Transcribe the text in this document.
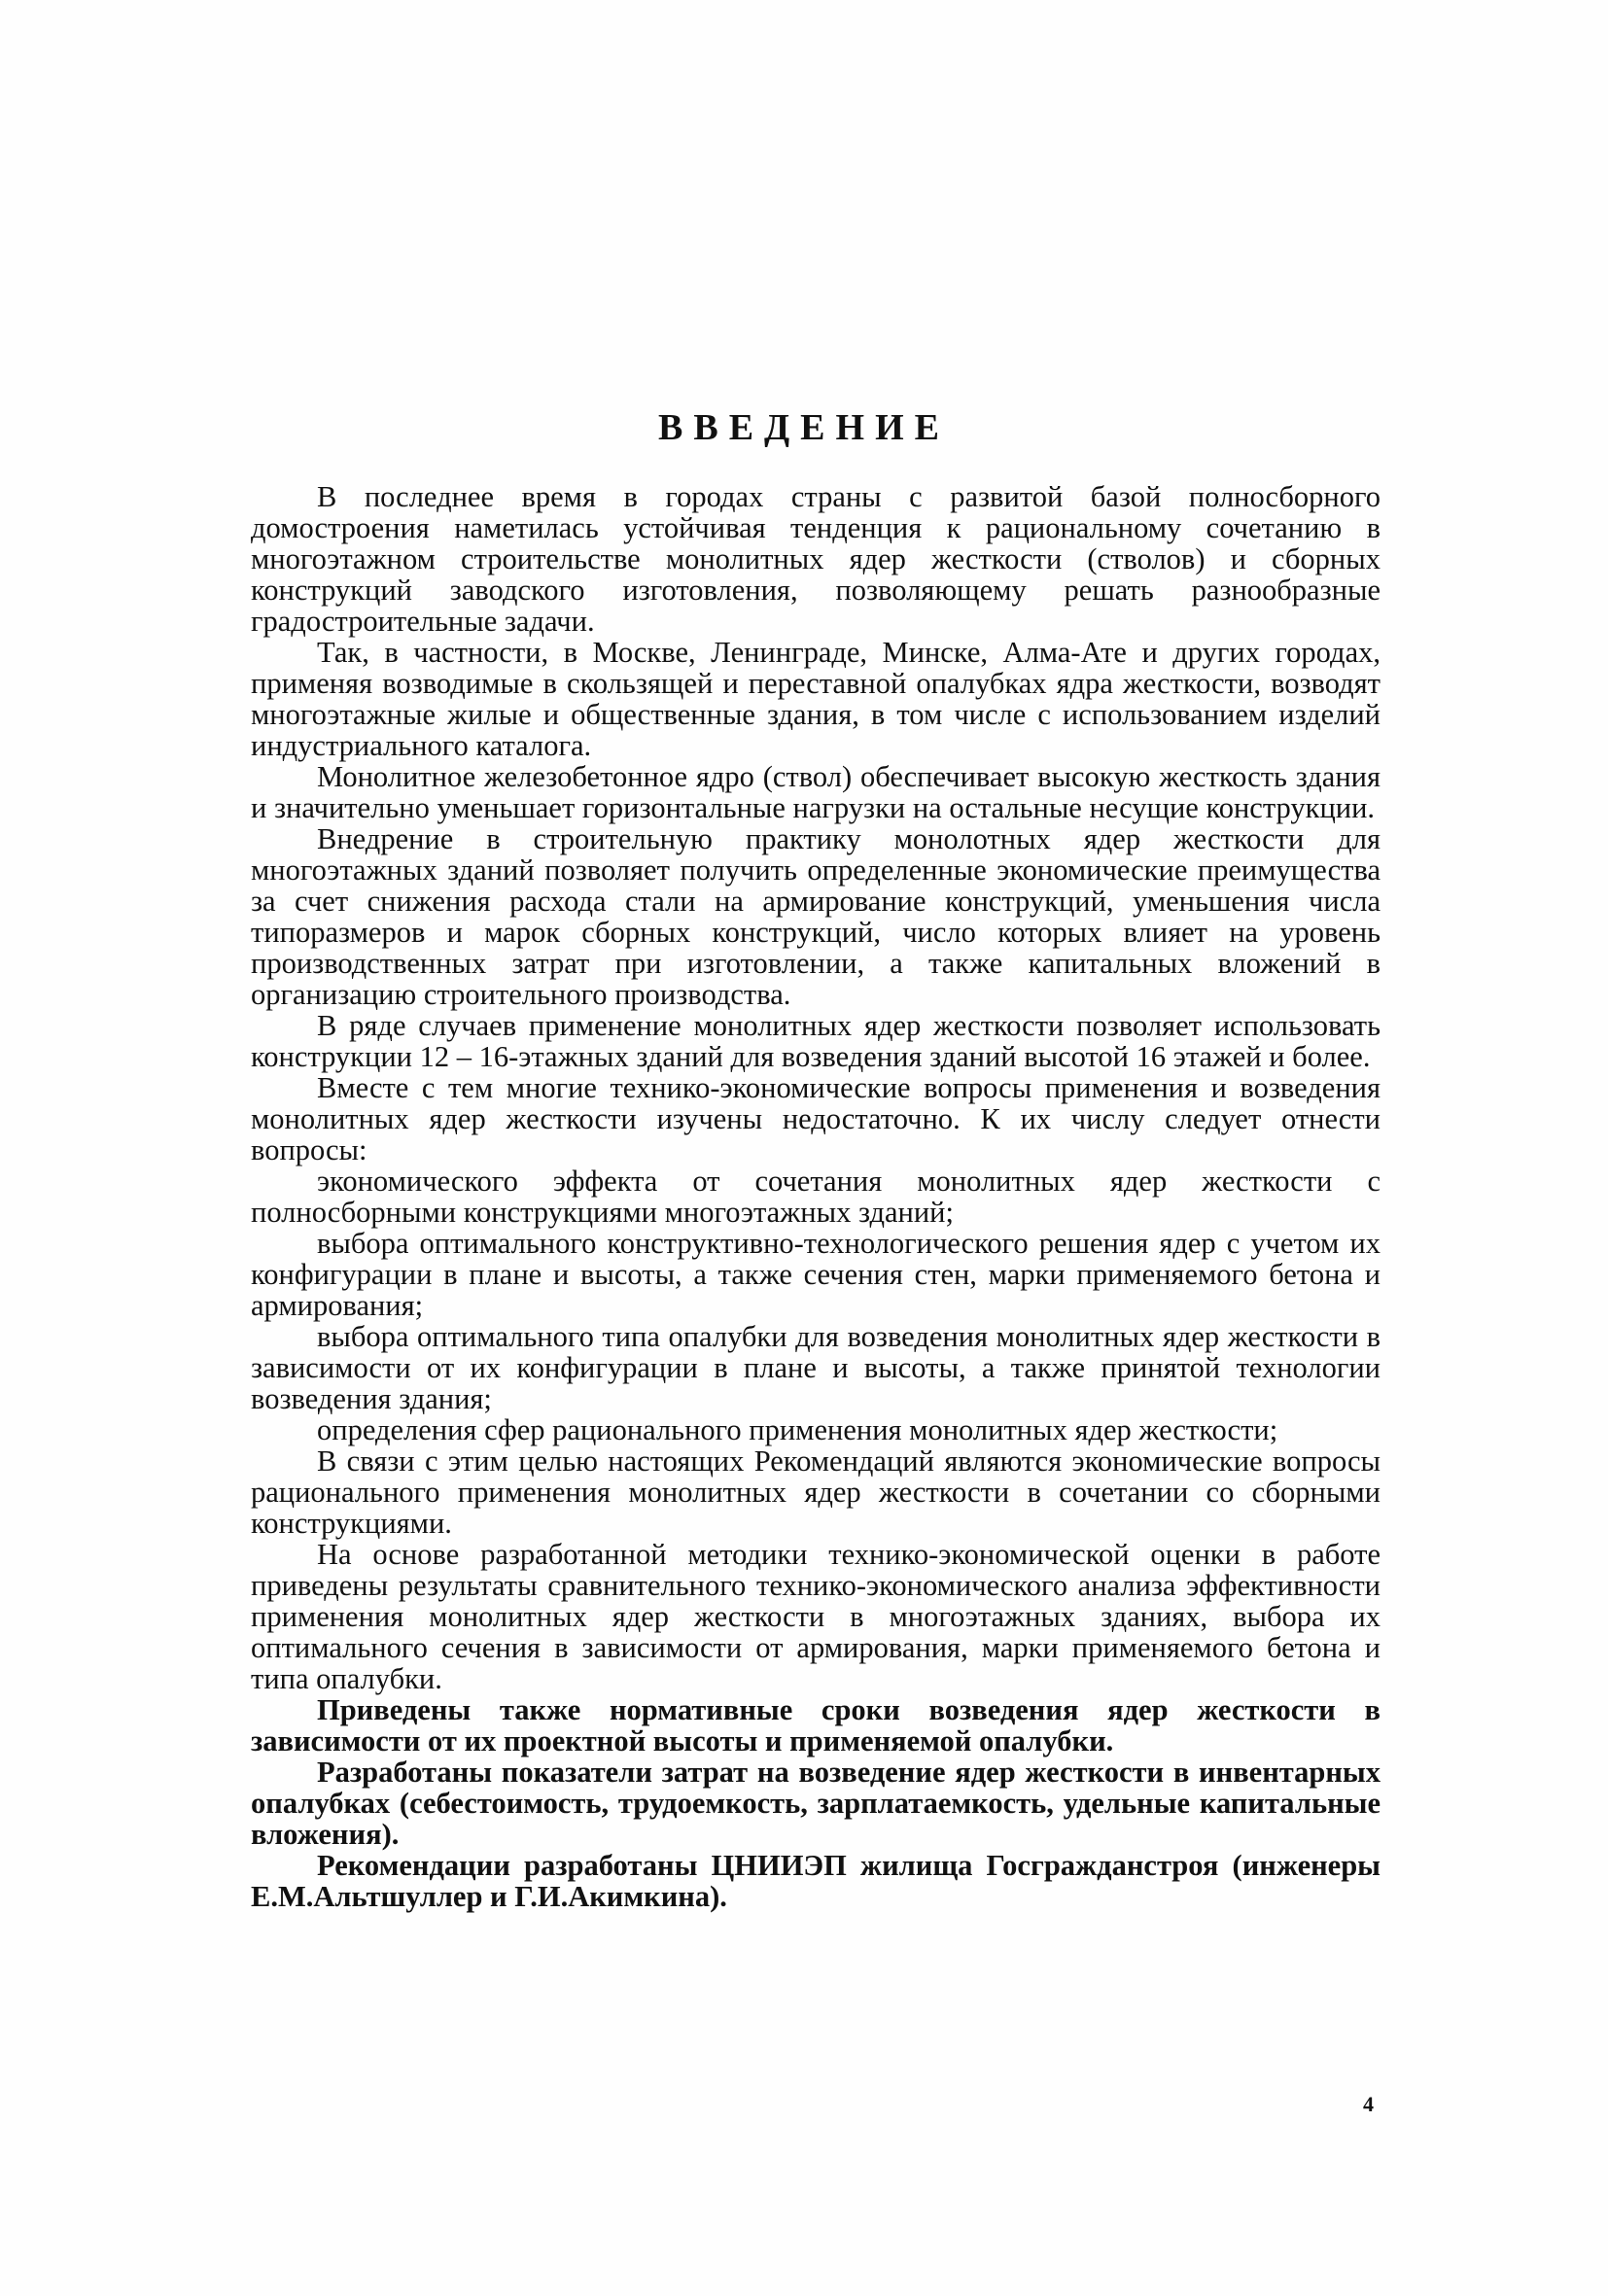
ВВЕДЕНИЕ

В последнее время в городах страны с развитой базой полносборного домостроения наметилась устойчивая тенденция к рациональному сочетанию в многоэтажном строительстве монолитных ядер жесткости (стволов) и сборных конструкций заводского изготовления, позволяющему решать разнообразные градостроительные задачи.

Так, в частности, в Москве, Ленинграде, Минске, Алма-Ате и других городах, применяя возводимые в скользящей и переставной опалубках ядра жесткости, возводят многоэтажные жилые и общественные здания, в том числе с использованием изделий индустриального каталога.

Монолитное железобетонное ядро (ствол) обеспечивает высокую жесткость здания и значительно уменьшает горизонтальные нагрузки на остальные несущие конструкции.

Внедрение в строительную практику монолотных ядер жесткости для многоэтажных зданий позволяет получить определенные экономические преимущества за счет снижения расхода стали на армирование конструкций, уменьшения числа типоразмеров и марок сборных конструкций, число которых влияет на уровень производственных затрат при изготовлении, а также капитальных вложений в организацию строительного производства.

В ряде случаев применение монолитных ядер жесткости позволяет использовать конструкции 12 – 16-этажных зданий для возведения зданий высотой 16 этажей и более.

Вместе с тем многие технико-экономические вопросы применения и возведения монолитных ядер жесткости изучены недостаточно. К их числу следует отнести вопросы:

экономического эффекта от сочетания монолитных ядер жесткости с полносборными конструкциями многоэтажных зданий;

выбора оптимального конструктивно-технологического решения ядер с учетом их конфигурации в плане и высоты, а также сечения стен, марки применяемого бетона и армирования;

выбора оптимального типа опалубки для возведения монолитных ядер жесткости в зависимости от их конфигурации в плане и высоты, а также принятой технологии возведения здания;

определения сфер рационального применения монолитных ядер жесткости;

В связи с этим целью настоящих Рекомендаций являются экономические вопросы рационального применения монолитных ядер жесткости в сочетании со сборными конструкциями.

На основе разработанной методики технико-экономической оценки в работе приведены результаты сравнительного технико-экономического анализа эффективности применения монолитных ядер жесткости в многоэтажных зданиях, выбора их оптимального сечения в зависимости от армирования, марки применяемого бетона и типа опалубки.

Приведены также нормативные сроки возведения ядер жесткости в зависимости от их проектной высоты и применяемой опалубки.

Разработаны показатели затрат на возведение ядер жесткости в инвентарных опалубках (себестоимость, трудоемкость, зарплатаемкость, удельные капитальные вложения).

Рекомендации разработаны ЦНИИЭП жилища Госгражданстроя (инженеры Е.М.Альтшуллер и Г.И.Акимкина).

4
